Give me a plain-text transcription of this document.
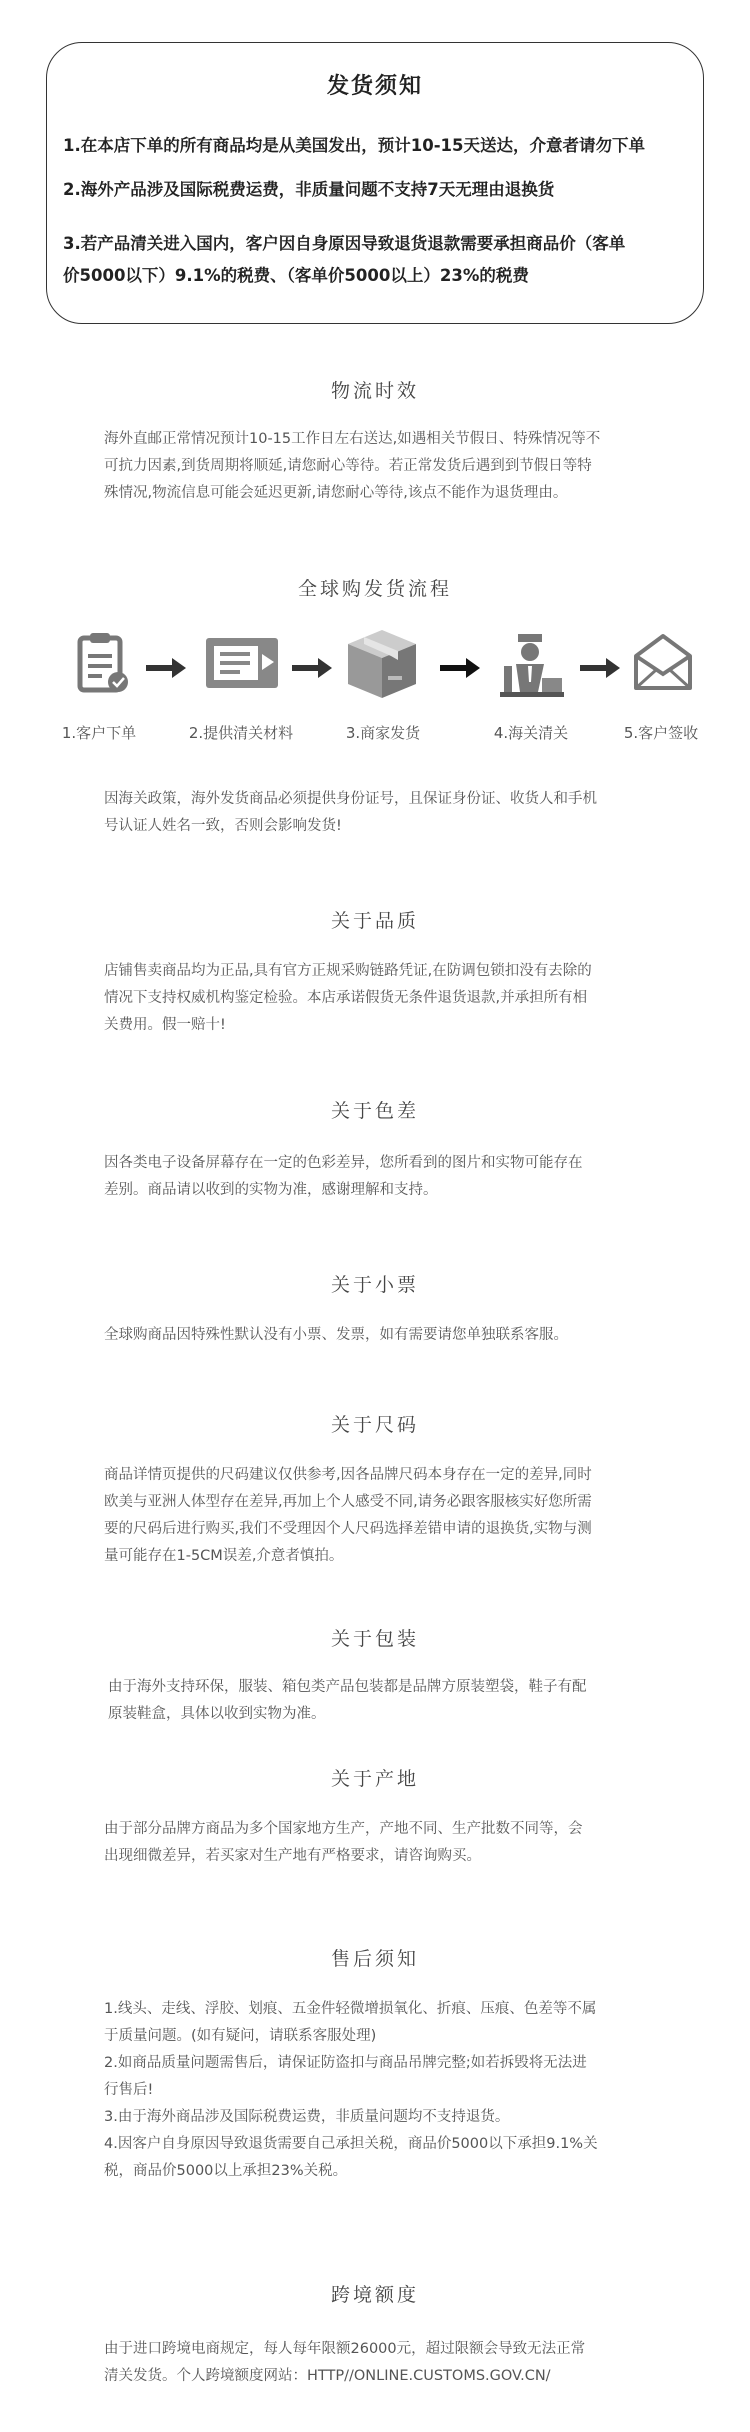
发货须知
1.在本店下单的所有商品均是从美国发出，预计10-15天送达，介意者请勿下单
2.海外产品涉及国际税费运费，非质量问题不支持7天无理由退换货
3.若产品清关进入国内，客户因自身原因导致退货退款需要承担商品价（客单
价5000以下）9.1%的税费、（客单价5000以上）23%的税费
物流时效
海外直邮正常情况预计10-15工作日左右送达,如遇相关节假日、特殊情况等不
可抗力因素,到货周期将顺延,请您耐心等待。若正常发货后遇到到节假日等特
殊情况,物流信息可能会延迟更新,请您耐心等待,该点不能作为退货理由。
全球购发货流程
1.客户下单	2.提供清关材料	3.商家发货	4.海关清关	5.客户签收
因海关政策，海外发货商品必须提供身份证号，且保证身份证、收货人和手机
号认证人姓名一致，否则会影响发货!
关于品质
店铺售卖商品均为正品,具有官方正规采购链路凭证,在防调包锁扣没有去除的
情况下支持权威机构鉴定检验。本店承诺假货无条件退货退款,并承担所有相
关费用。假一赔十!
关于色差
因各类电子设备屏幕存在一定的色彩差异，您所看到的图片和实物可能存在
差别。商品请以收到的实物为准，感谢理解和支持。
关于小票
全球购商品因特殊性默认没有小票、发票，如有需要请您单独联系客服。
关于尺码
商品详情页提供的尺码建议仅供参考,因各品牌尺码本身存在一定的差异,同时
欧美与亚洲人体型存在差异,再加上个人感受不同,请务必跟客服核实好您所需
要的尺码后进行购买,我们不受理因个人尺码选择差错申请的退换货,实物与测
量可能存在1-5CM误差,介意者慎拍。
关于包装
由于海外支持环保，服装、箱包类产品包装都是品牌方原装塑袋，鞋子有配
原装鞋盒，具体以收到实物为准。
关于产地
由于部分品牌方商品为多个国家地方生产，产地不同、生产批数不同等，会
出现细微差异，若买家对生产地有严格要求，请咨询购买。
售后须知
1.线头、走线、浮胶、划痕、五金件轻微增损氧化、折痕、压痕、色差等不属
于质量问题。(如有疑问，请联系客服处理)
2.如商品质量问题需售后，请保证防盗扣与商品吊牌完整;如若拆毁将无法进
行售后!
3.由于海外商品涉及国际税费运费，非质量问题均不支持退货。
4.因客户自身原因导致退货需要自己承担关税，商品价5000以下承担9.1%关
税，商品价5000以上承担23%关税。
跨境额度
由于进口跨境电商规定，每人每年限额26000元，超过限额会导致无法正常
清关发货。个人跨境额度网站：HTTP//ONLINE.CUSTOMS.GOV.CN/
